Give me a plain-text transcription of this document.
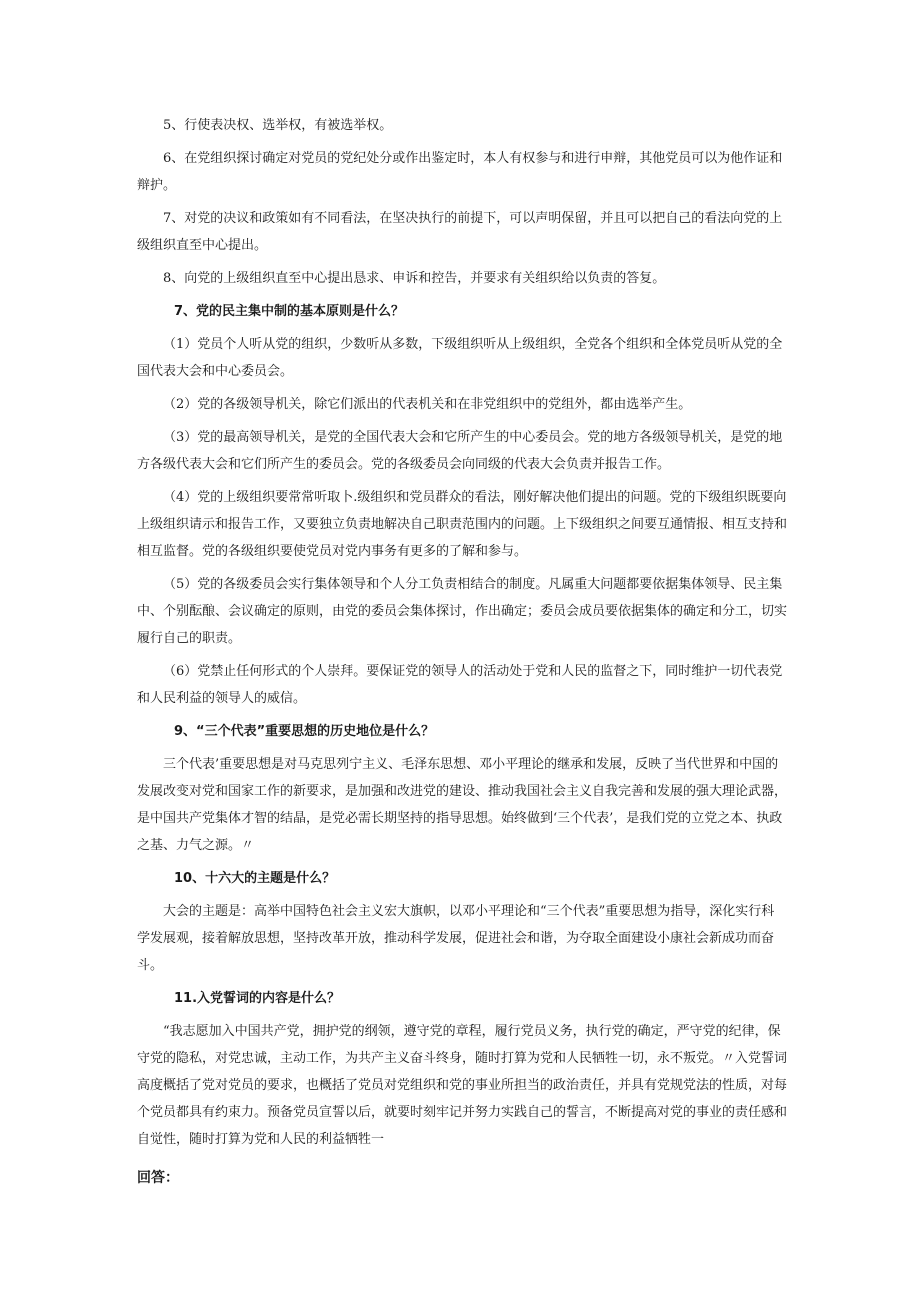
5、行使表决权、选举权，有被选举权。

6、在党组织探讨确定对党员的党纪处分或作出鉴定时，本人有权参与和进行申辩，其他党员可以为他作证和辩护。

7、对党的决议和政策如有不同看法，在坚决执行的前提下，可以声明保留，并且可以把自己的看法向党的上级组织直至中心提出。

8、向党的上级组织直至中心提出恳求、申诉和控告，并要求有关组织给以负责的答复。

7、党的民主集中制的基本原则是什么？

（1）党员个人听从党的组织，少数听从多数，下级组织听从上级组织，全党各个组织和全体党员听从党的全国代表大会和中心委员会。

（2）党的各级领导机关，除它们派出的代表机关和在非党组织中的党组外，都由选举产生。

（3）党的最高领导机关，是党的全国代表大会和它所产生的中心委员会。党的地方各级领导机关，是党的地方各级代表大会和它们所产生的委员会。党的各级委员会向同级的代表大会负责并报告工作。

（4）党的上级组织要常常听取卜.级组织和党员群众的看法，刚好解决他们提出的问题。党的下级组织既要向上级组织请示和报告工作，又要独立负责地解决自己职责范围内的问题。上下级组织之间要互通情报、相互支持和相互监督。党的各级组织要使党员对党内事务有更多的了解和参与。

（5）党的各级委员会实行集体领导和个人分工负责相结合的制度。凡属重大问题都要依据集体领导、民主集中、个别酝酿、会议确定的原则，由党的委员会集体探讨，作出确定；委员会成员要依据集体的确定和分工，切实履行自己的职责。

（6）党禁止任何形式的个人崇拜。要保证党的领导人的活动处于党和人民的监督之下，同时维护一切代表党和人民利益的领导人的威信。

9、“三个代表”重要思想的历史地位是什么？

三个代表’重要思想是对马克思列宁主义、毛泽东思想、邓小平理论的继承和发展，反映了当代世界和中国的发展改变对党和国家工作的新要求，是加强和改进党的建设、推动我国社会主义自我完善和发展的强大理论武器，是中国共产党集体才智的结晶，是党必需长期坚持的指导思想。始终做到‘三个代表’，是我们党的立党之本、执政之基、力气之源。〃

10、十六大的主题是什么？

大会的主题是：高举中国特色社会主义宏大旗帜，以邓小平理论和“三个代表”重要思想为指导，深化实行科学发展观，接着解放思想，坚持改革开放，推动科学发展，促进社会和谐，为夺取全面建设小康社会新成功而奋斗。

11.入党誓词的内容是什么？

“我志愿加入中国共产党，拥护党的纲领，遵守党的章程，履行党员义务，执行党的确定，严守党的纪律，保守党的隐私，对党忠诚，主动工作，为共产主义奋斗终身，随时打算为党和人民牺牲一切，永不叛党。〃入党誓词高度概括了党对党员的要求，也概括了党员对党组织和党的事业所担当的政治责任，并具有党规党法的性质，对每个党员都具有约束力。预备党员宣誓以后，就要时刻牢记并努力实践自己的誓言，不断提高对党的事业的责任感和自觉性，随时打算为党和人民的利益牺牲一

回答：
